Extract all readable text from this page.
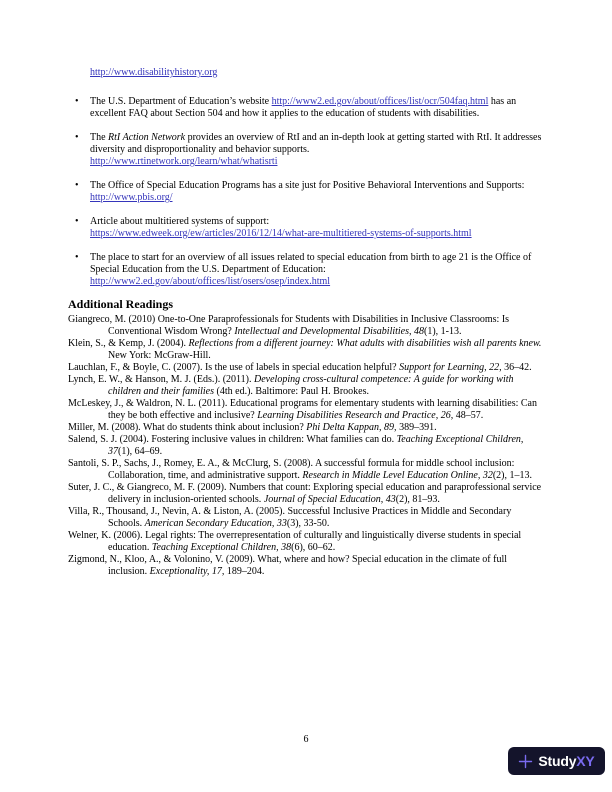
http://www.disabilityhistory.org
• The U.S. Department of Education’s website http://www2.ed.gov/about/offices/list/ocr/504faq.html has an excellent FAQ about Section 504 and how it applies to the education of students with disabilities.
• The RtI Action Network provides an overview of RtI and an in-depth look at getting started with RtI. It addresses diversity and disproportionality and behavior supports.
http://www.rtinetwork.org/learn/what/whatisrti
• The Office of Special Education Programs has a site just for Positive Behavioral Interventions and Supports:
http://www.pbis.org/
• Article about multitiered systems of support:
https://www.edweek.org/ew/articles/2016/12/14/what-are-multitiered-systems-of-supports.html
• The place to start for an overview of all issues related to special education from birth to age 21 is the Office of Special Education from the U.S. Department of Education:
http://www2.ed.gov/about/offices/list/osers/osep/index.html
Additional Readings

Giangreco, M. (2010) One-to-One Paraprofessionals for Students with Disabilities in Inclusive Classrooms: Is Conventional Wisdom Wrong? Intellectual and Developmental Disabilities, 48(1), 1-13.

Klein, S., & Kemp, J. (2004). Reflections from a different journey: What adults with disabilities wish all parents knew. New York: McGraw-Hill.

Lauchlan, F., & Boyle, C. (2007). Is the use of labels in special education helpful? Support for Learning, 22, 36–42.

Lynch, E. W., & Hanson, M. J. (Eds.). (2011). Developing cross-cultural competence: A guide for working with children and their families (4th ed.). Baltimore: Paul H. Brookes.

McLeskey, J., & Waldron, N. L. (2011). Educational programs for elementary students with learning disabilities: Can they be both effective and inclusive? Learning Disabilities Research and Practice, 26, 48–57.

Miller, M. (2008). What do students think about inclusion? Phi Delta Kappan, 89, 389–391.

Salend, S. J. (2004). Fostering inclusive values in children: What families can do. Teaching Exceptional Children, 37(1), 64–69.

Santoli, S. P., Sachs, J., Romey, E. A., & McClurg, S. (2008). A successful formula for middle school inclusion: Collaboration, time, and administrative support. Research in Middle Level Education Online, 32(2), 1–13.

Suter, J. C., & Giangreco, M. F. (2009). Numbers that count: Exploring special education and paraprofessional service delivery in inclusion-oriented schools. Journal of Special Education, 43(2), 81–93.

Villa, R., Thousand, J., Nevin, A. & Liston, A. (2005). Successful Inclusive Practices in Middle and Secondary Schools. American Secondary Education, 33(3), 33-50.

Welner, K. (2006). Legal rights: The overrepresentation of culturally and linguistically diverse students in special education. Teaching Exceptional Children, 38(6), 60–62.

Zigmond, N., Kloo, A., & Volonino, V. (2009). What, where and how? Special education in the climate of full inclusion. Exceptionality, 17, 189–204.

6
StudyXY
